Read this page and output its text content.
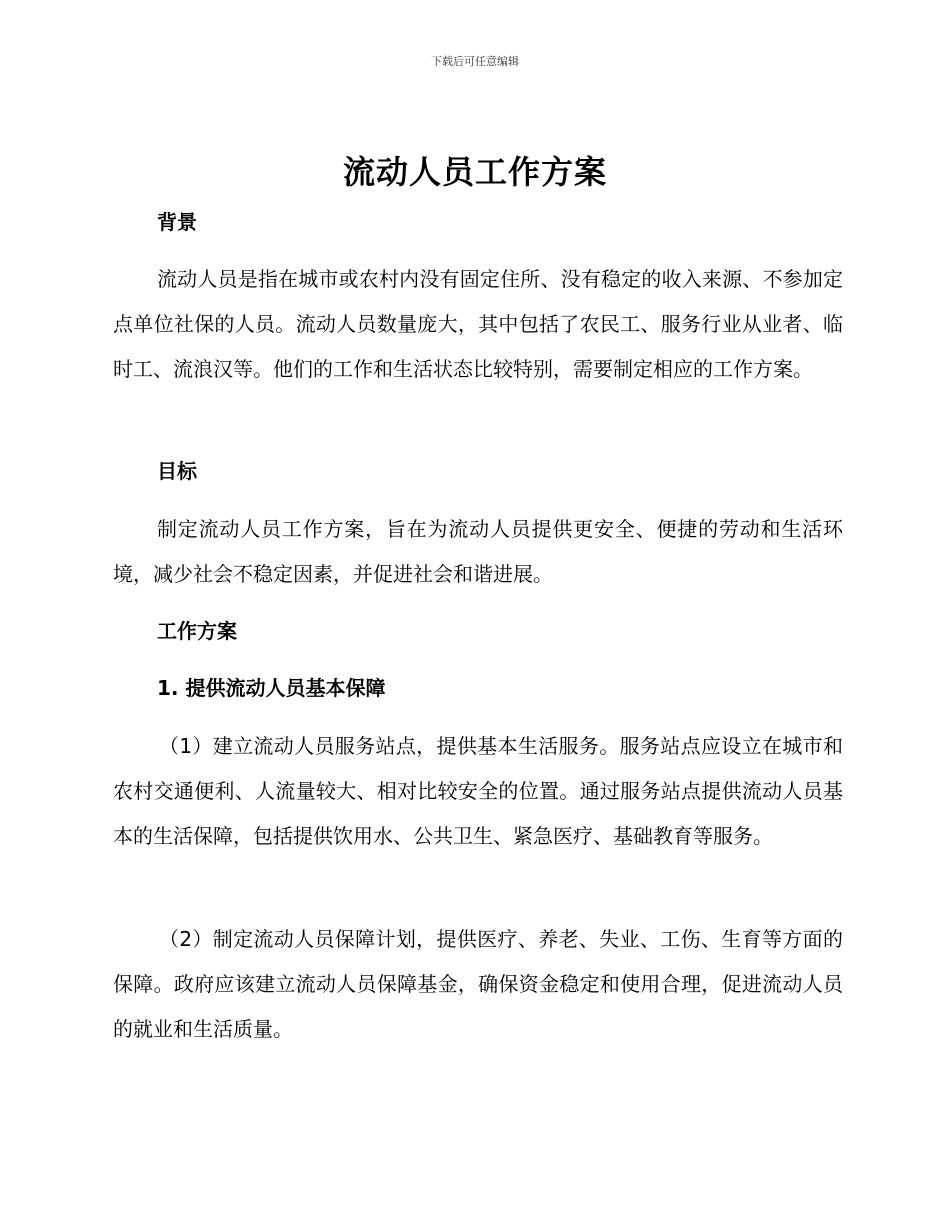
下载后可任意编辑
流动人员工作方案
背景

流动人员是指在城市或农村内没有固定住所、没有稳定的收入来源、不参加定点单位社保的人员。流动人员数量庞大，其中包括了农民工、服务行业从业者、临时工、流浪汉等。他们的工作和生活状态比较特别，需要制定相应的工作方案。

目标

制定流动人员工作方案，旨在为流动人员提供更安全、便捷的劳动和生活环境，减少社会不稳定因素，并促进社会和谐进展。

工作方案
1. 提供流动人员基本保障

（1）建立流动人员服务站点，提供基本生活服务。服务站点应设立在城市和农村交通便利、人流量较大、相对比较安全的位置。通过服务站点提供流动人员基本的生活保障，包括提供饮用水、公共卫生、紧急医疗、基础教育等服务。

（2）制定流动人员保障计划，提供医疗、养老、失业、工伤、生育等方面的保障。政府应该建立流动人员保障基金，确保资金稳定和使用合理，促进流动人员的就业和生活质量。
